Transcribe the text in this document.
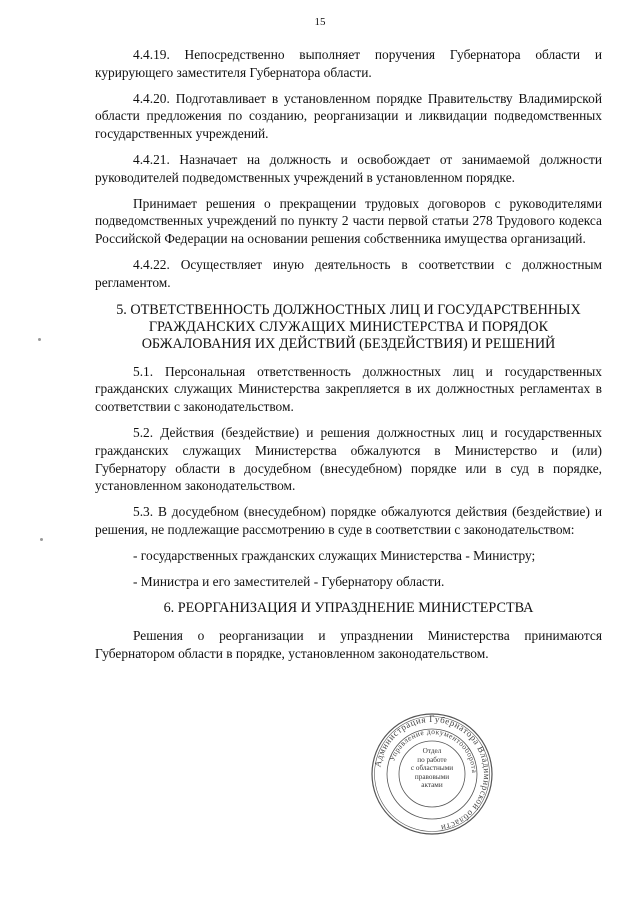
15

4.4.19. Непосредственно выполняет поручения Губернатора области и курирующего заместителя Губернатора области.

4.4.20. Подготавливает в установленном порядке Правительству Владимирской области предложения по созданию, реорганизации и ликвидации подведомственных государственных учреждений.

4.4.21. Назначает на должность и освобождает от занимаемой должности руководителей подведомственных учреждений в установленном порядке.

Принимает решения о прекращении трудовых договоров с руководителями подведомственных учреждений по пункту 2 части первой статьи 278 Трудового кодекса Российской Федерации на основании решения собственника имущества организаций.

4.4.22. Осуществляет иную деятельность в соответствии с должностным регламентом.

5. ОТВЕТСТВЕННОСТЬ ДОЛЖНОСТНЫХ ЛИЦ И ГОСУДАРСТВЕННЫХ ГРАЖДАНСКИХ СЛУЖАЩИХ МИНИСТЕРСТВА И ПОРЯДОК ОБЖАЛОВАНИЯ ИХ ДЕЙСТВИЙ (БЕЗДЕЙСТВИЯ) И РЕШЕНИЙ

5.1. Персональная ответственность должностных лиц и государственных гражданских служащих Министерства закрепляется в их должностных регламентах в соответствии с законодательством.

5.2. Действия (бездействие) и решения должностных лиц и государственных гражданских служащих Министерства обжалуются в Министерство и (или) Губернатору области в досудебном (внесудебном) порядке или в суд в порядке, установленном законодательством.

5.3. В досудебном (внесудебном) порядке обжалуются действия (бездействие) и решения, не подлежащие рассмотрению в суде в соответствии с законодательством:

- государственных гражданских служащих Министерства - Министру;

- Министра и его заместителей - Губернатору области.

6. РЕОРГАНИЗАЦИЯ И УПРАЗДНЕНИЕ МИНИСТЕРСТВА

Решения о реорганизации и упразднении Министерства принимаются Губернатором области в порядке, установленном законодательством.

Администрация Губернатора Владимирской области
Управление документооборота
Отдел
по работе
с областными
правовыми
актами
